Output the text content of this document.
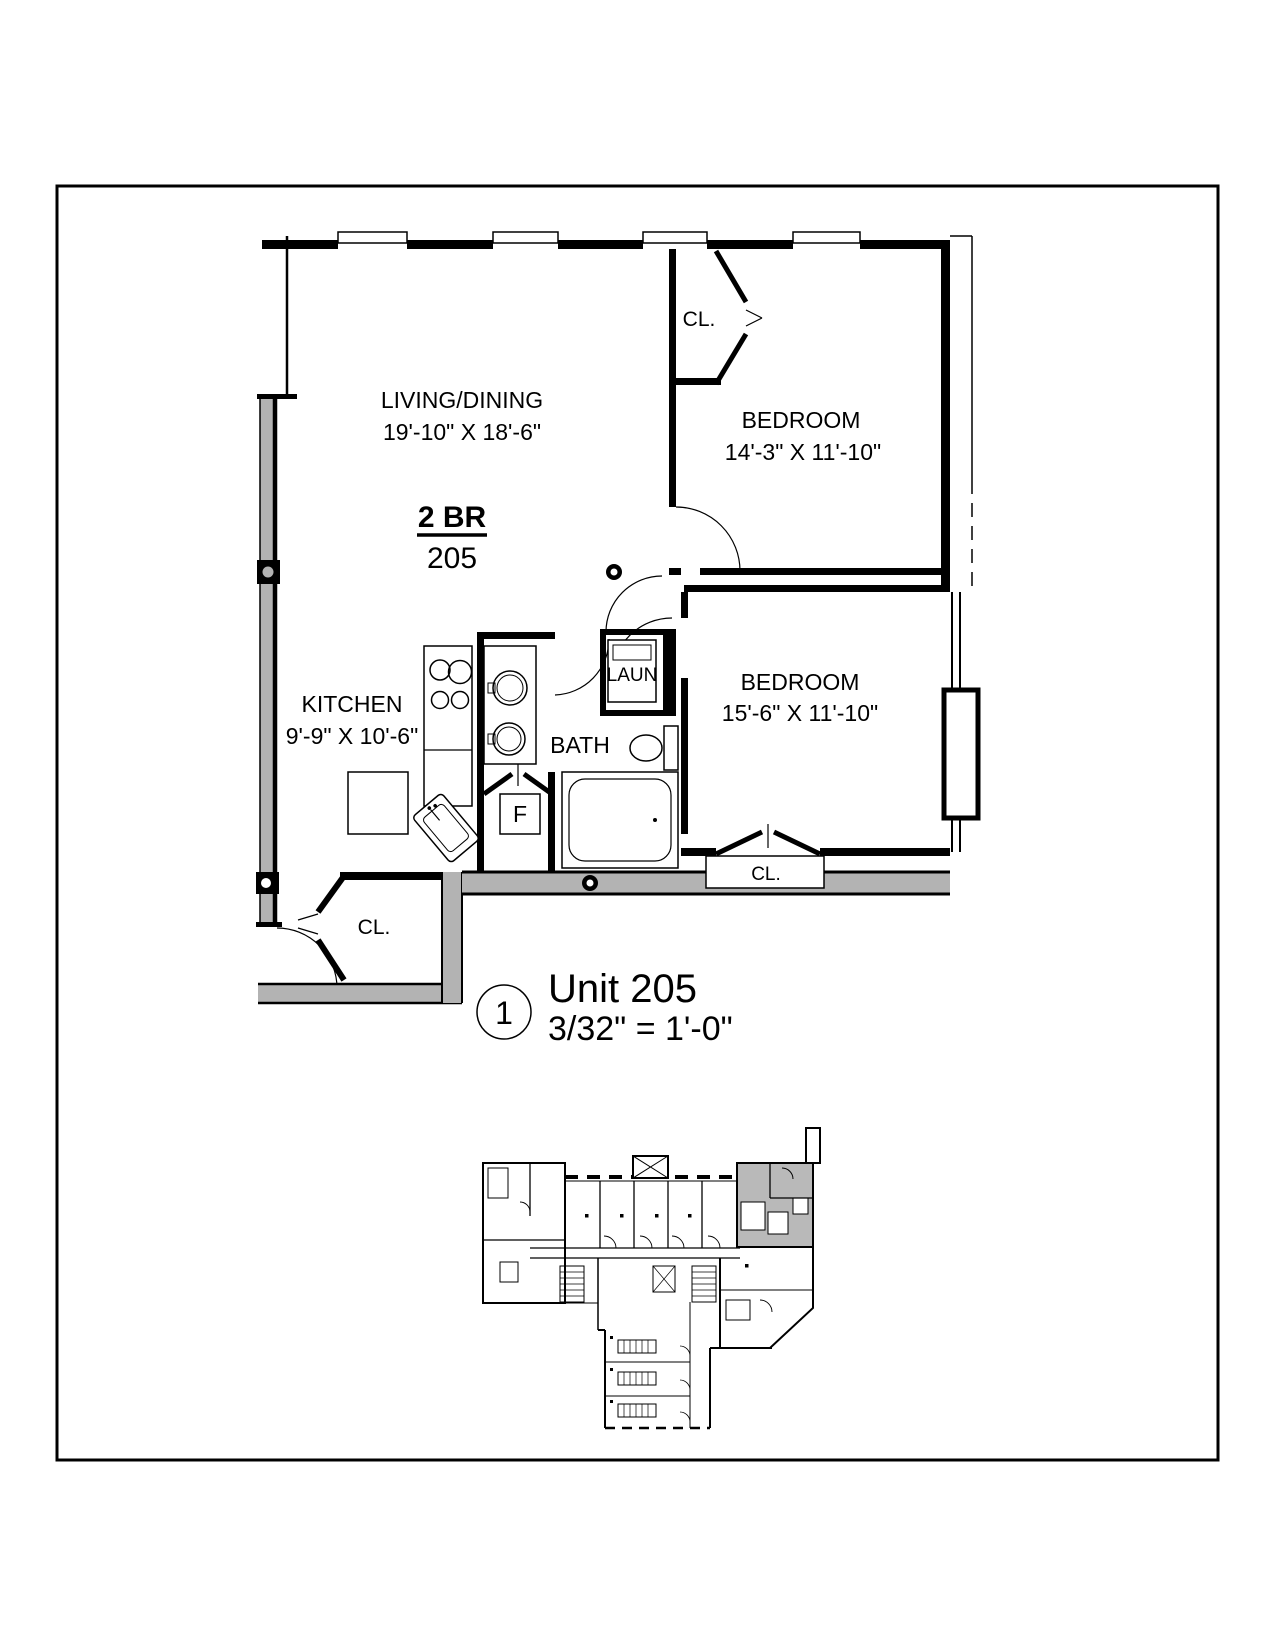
CL.
CL.
BATH
LAUN
F
CL.
LIVING/DINING
19'-10" X 18'-6"	BEDROOM
14'-3" X 11'-10"
BEDROOM
15'-6" X 11'-10"
KITCHEN
9'-9" X 10'-6"
2 BR
205
1
Unit 205
3/32" = 1'-0"
